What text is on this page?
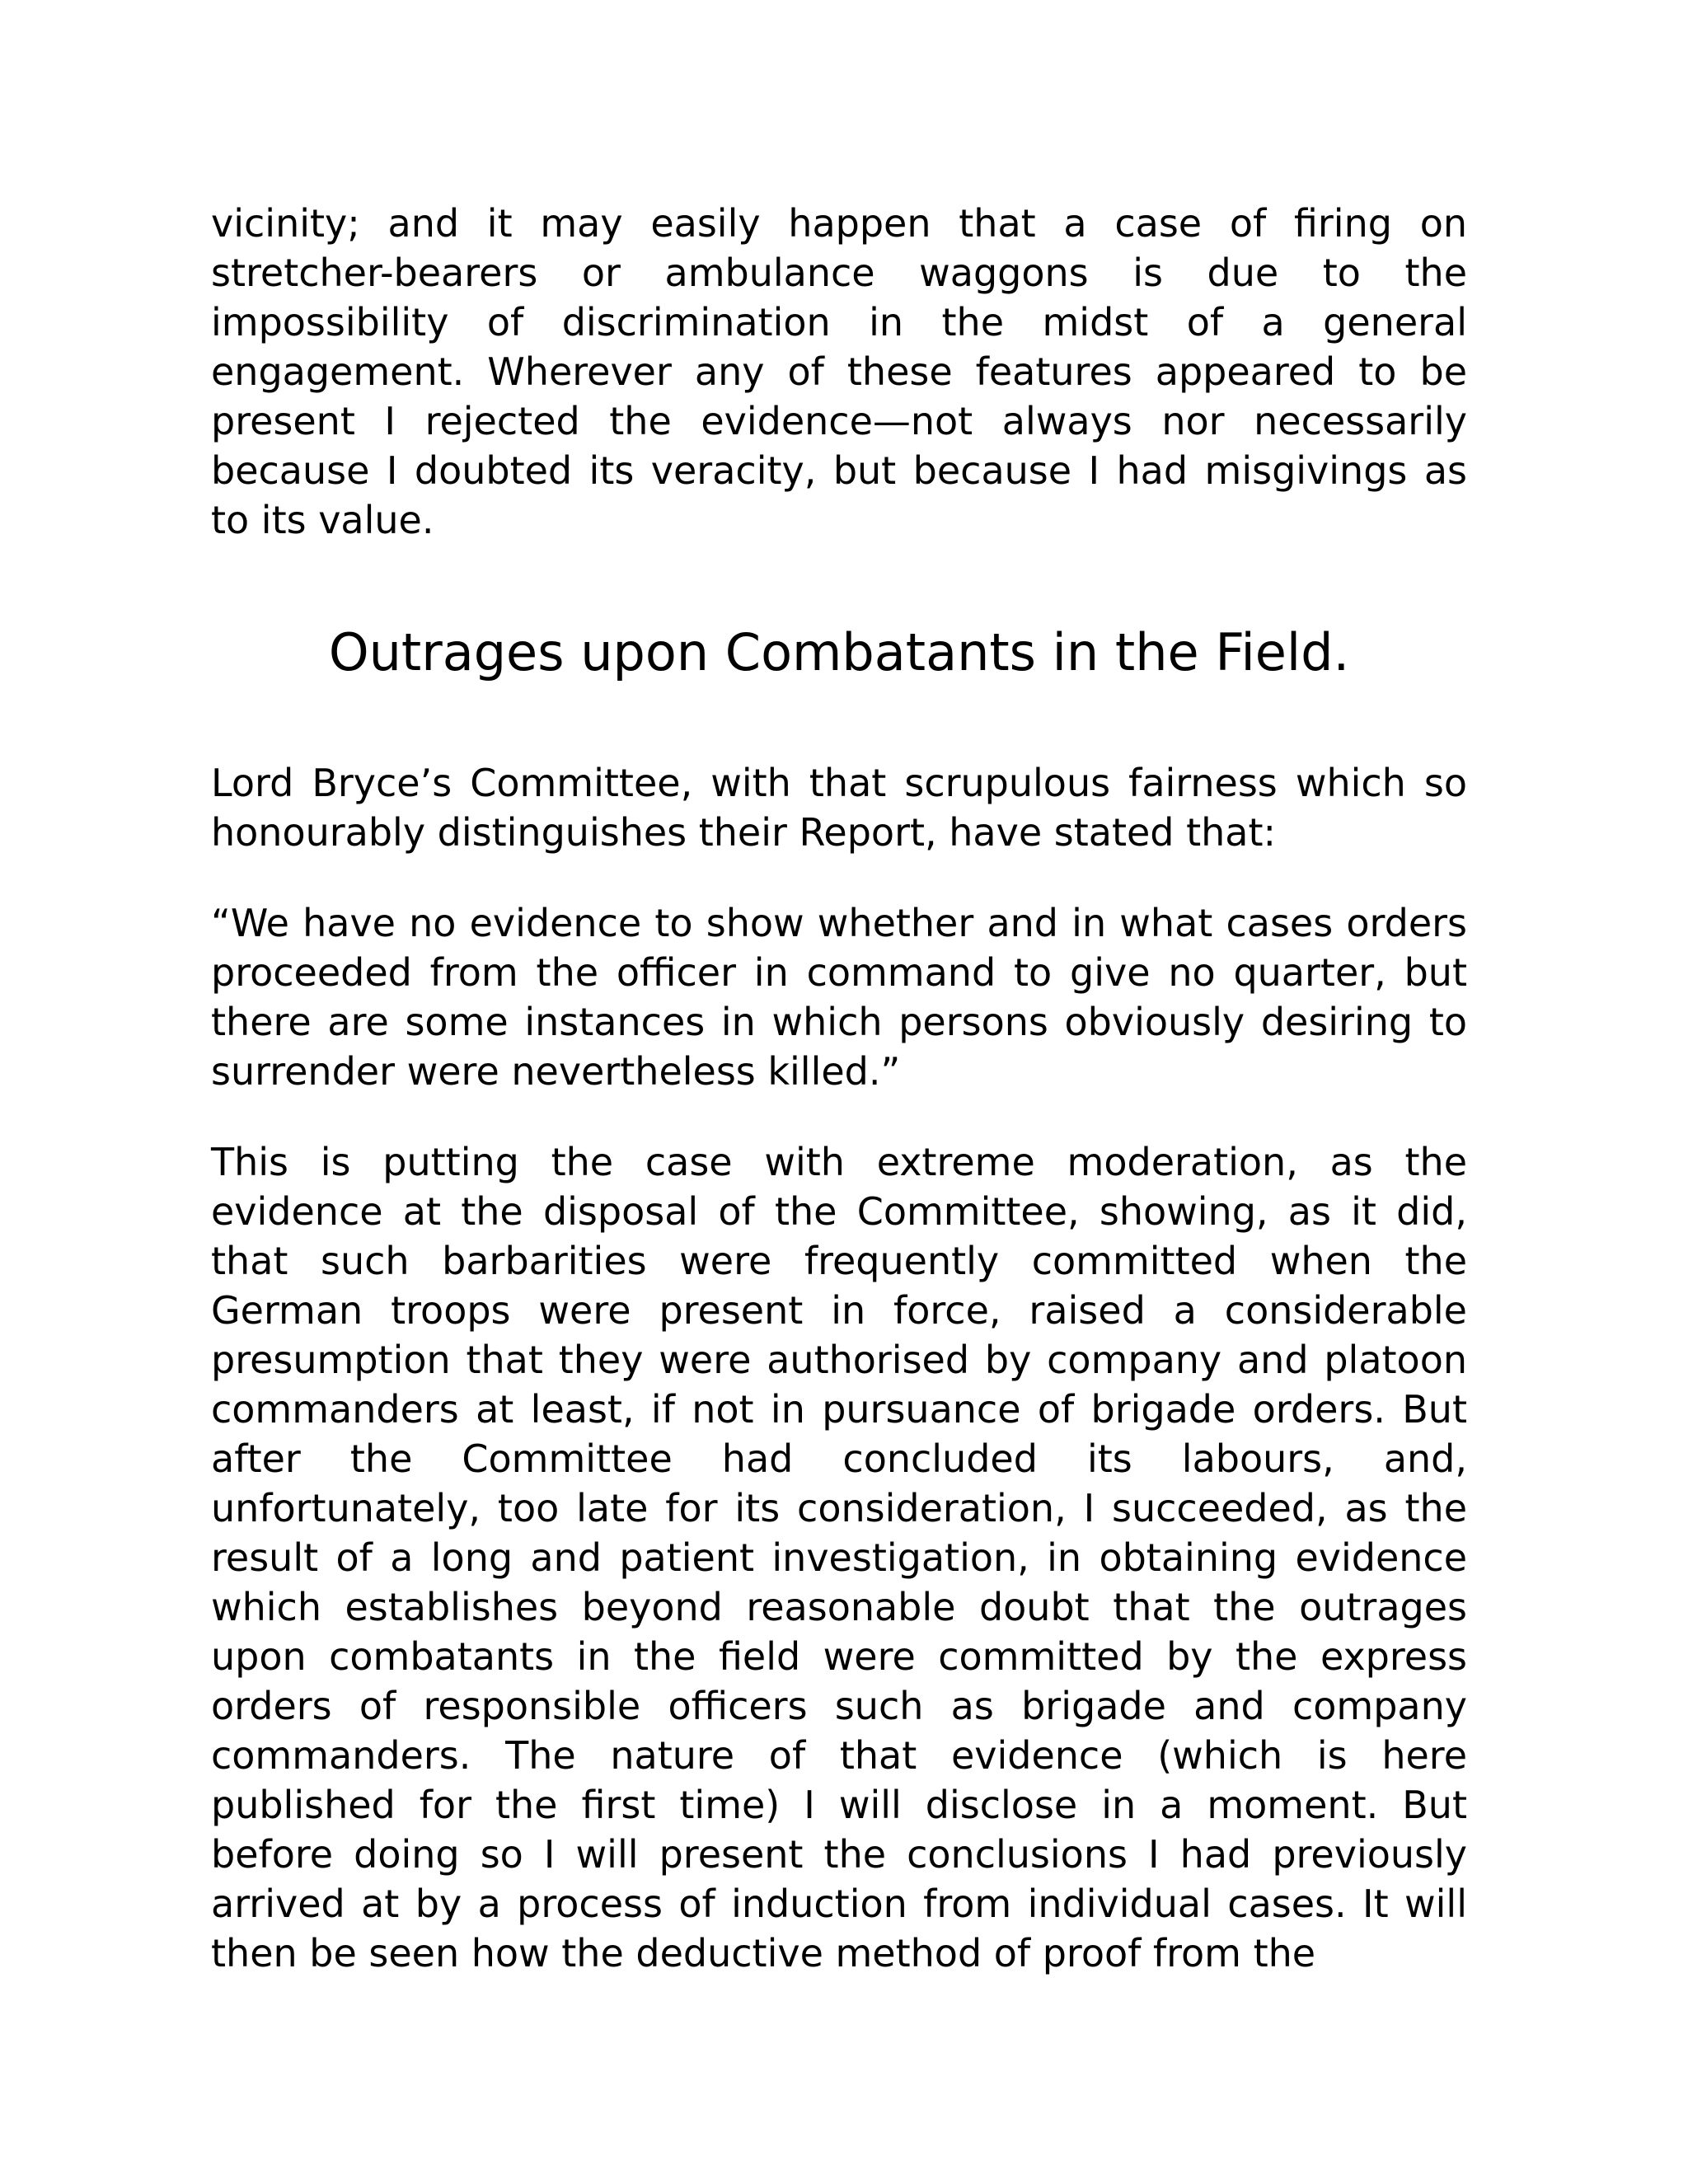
vicinity; and it may easily happen that a case of firing on stretcher-bearers or ambulance waggons is due to the impossibility of discrimination in the midst of a general engagement. Wherever any of these features appeared to be present I rejected the evidence—not always nor necessarily because I doubted its veracity, but because I had misgivings as to its value.

Outrages upon Combatants in the Field.

Lord Bryce’s Committee, with that scrupulous fairness which so honourably distinguishes their Report, have stated that:

“We have no evidence to show whether and in what cases orders proceeded from the officer in command to give no quarter, but there are some instances in which persons obviously desiring to surrender were nevertheless killed.”

This is putting the case with extreme moderation, as the evidence at the disposal of the Committee, showing, as it did, that such barbarities were frequently committed when the German troops were present in force, raised a considerable presumption that they were authorised by company and platoon commanders at least, if not in pursuance of brigade orders. But after the Committee had concluded its labours, and, unfortunately, too late for its consideration, I succeeded, as the result of a long and patient investigation, in obtaining evidence which establishes beyond reasonable doubt that the outrages upon combatants in the field were committed by the express orders of responsible officers such as brigade and company commanders. The nature of that evidence (which is here published for the first time) I will disclose in a moment. But before doing so I will present the conclusions I had previously arrived at by a process of induction from individual cases. It will then be seen how the deductive method of proof from the
